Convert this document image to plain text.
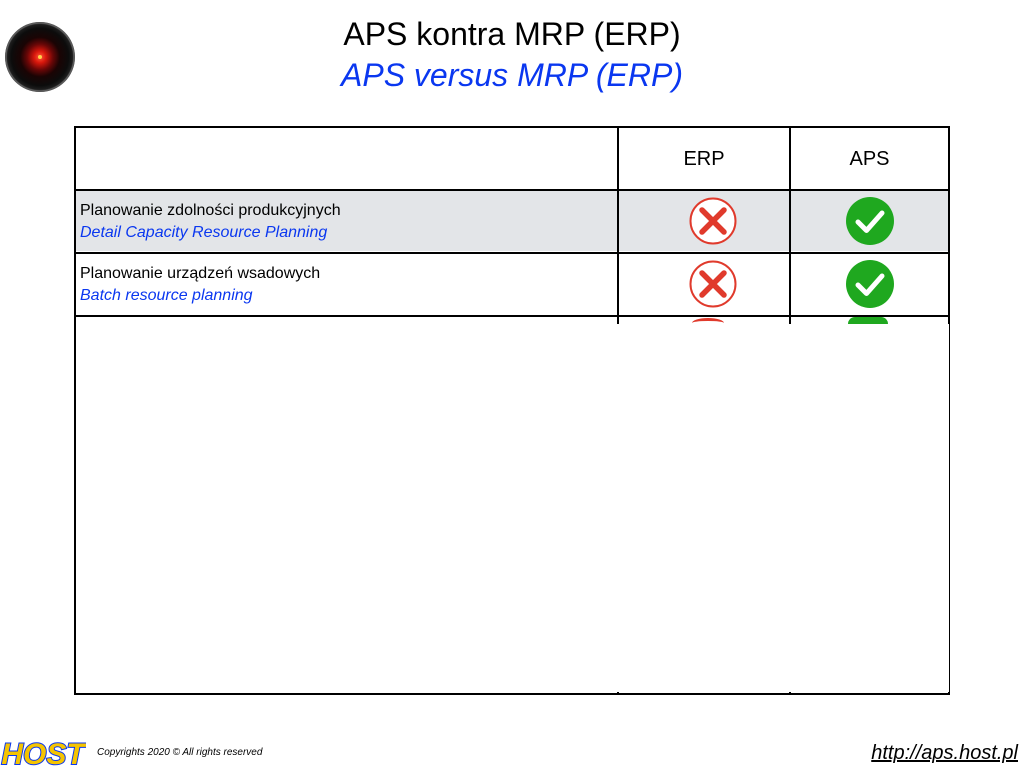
APS kontra MRP (ERP)
APS versus MRP (ERP)
Planowanie zdolności produkcyjnych
Detail Capacity Resource Planning
Planowanie urządzeń wsadowych
Batch resource planning
ERP	APS
HOST Copyrights 2020 © All rights reserved	http://aps.host.pl
